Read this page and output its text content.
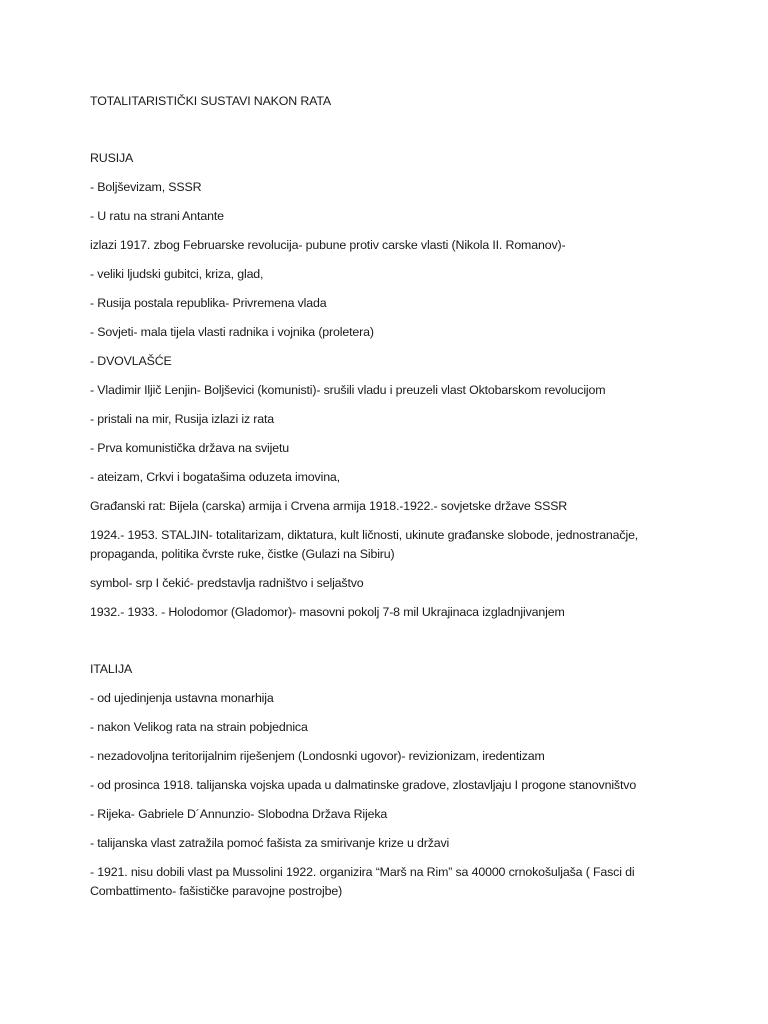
TOTALITARISTIČKI SUSTAVI NAKON RATA

RUSIJA

- Boljševizam, SSSR

- U ratu na strani Antante

izlazi 1917. zbog Februarske revolucija- pubune protiv carske vlasti (Nikola II. Romanov)-

- veliki ljudski gubitci, kriza, glad,

- Rusija postala republika- Privremena vlada

- Sovjeti- mala tijela vlasti radnika i vojnika (proletera)

- DVOVLAŠĆE

- Vladimir Iljič Lenjin- Boljševici (komunisti)- srušili vladu i preuzeli vlast Oktobarskom revolucijom

- pristali na mir, Rusija izlazi iz rata

- Prva komunistička država na svijetu

- ateizam, Crkvi i bogatašima oduzeta imovina,

Građanski rat: Bijela (carska) armija i Crvena armija 1918.-1922.- sovjetske države SSSR

1924.- 1953. STALJIN- totalitarizam, diktatura, kult ličnosti, ukinute građanske slobode, jednostranačje, propaganda, politika čvrste ruke, čistke (Gulazi na Sibiru)

symbol- srp I čekić- predstavlja radništvo i seljaštvo

1932.- 1933. - Holodomor (Gladomor)- masovni pokolj 7-8 mil Ukrajinaca izgladnjivanjem

ITALIJA

- od ujedinjenja ustavna monarhija

- nakon Velikog rata na strain pobjednica

- nezadovoljna teritorijalnim riješenjem (Londosnki ugovor)- revizionizam, iredentizam

- od prosinca 1918. talijanska vojska upada u dalmatinske gradove, zlostavljaju I progone stanovništvo

- Rijeka- Gabriele D´Annunzio- Slobodna Država Rijeka

- talijanska vlast zatražila pomoć fašista za smirivanje krize u državi

- 1921. nisu dobili vlast pa Mussolini 1922. organizira “Marš na Rim” sa 40000 crnokošuljaša ( Fasci di Combattimento- fašističke paravojne postrojbe)
